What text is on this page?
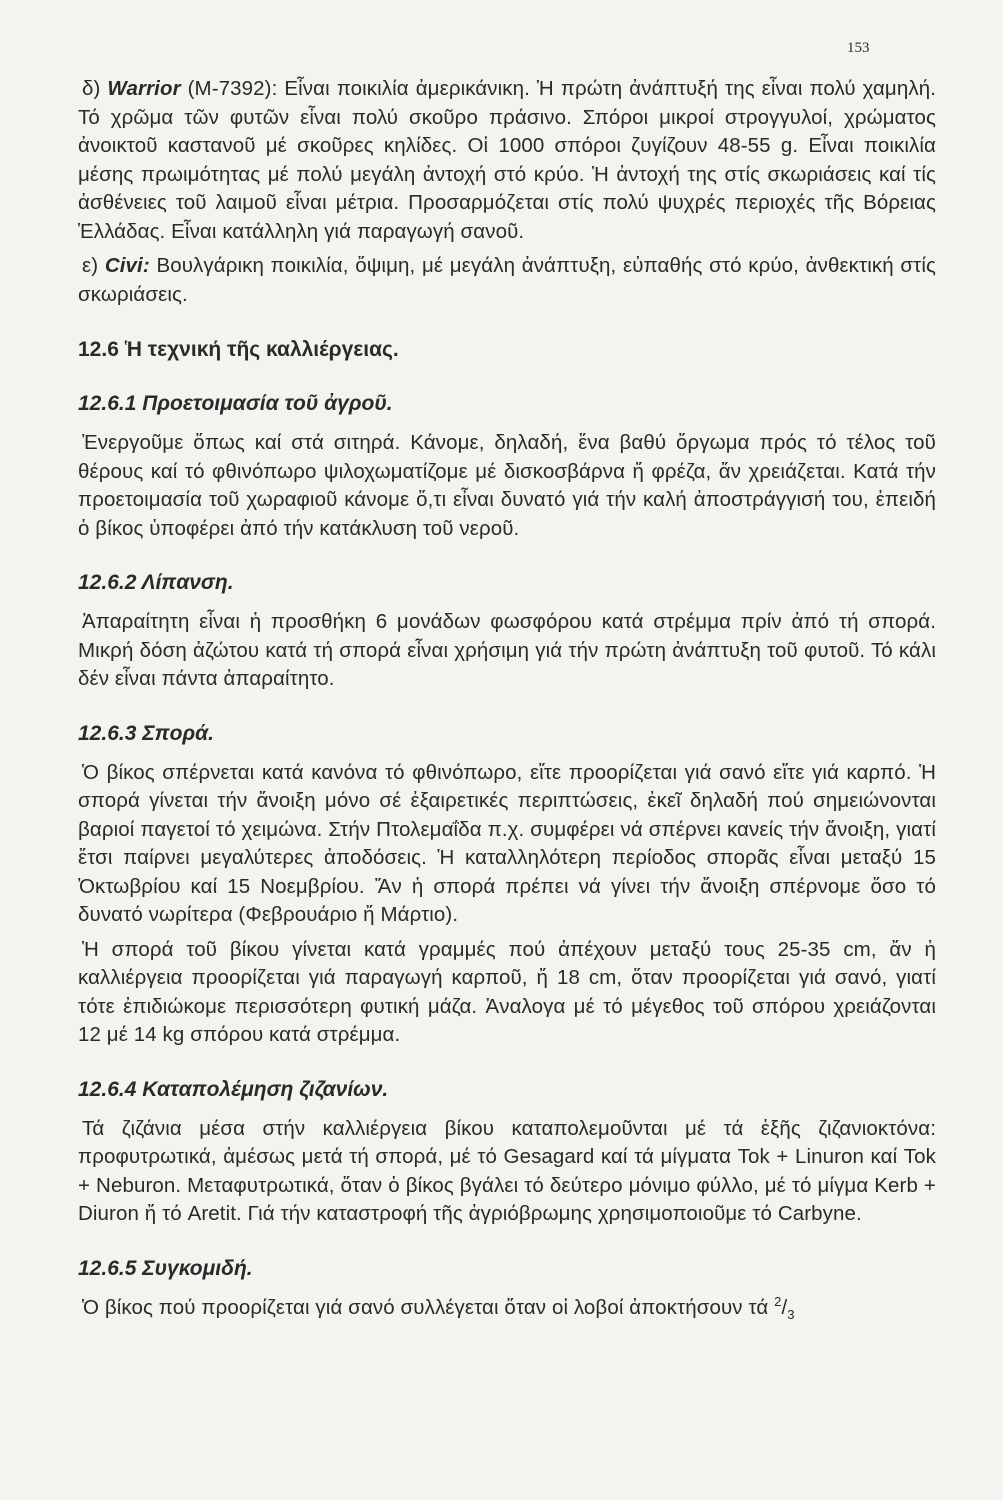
153

δ) Warrior (M-7392): Εἶναι ποικιλία ἀμερικάνικη. Ἡ πρώτη ἀνάπτυξή της εἶναι πολύ χαμηλή. Τό χρῶμα τῶν φυτῶν εἶναι πολύ σκοῦρο πράσινο. Σπόροι μικροί στρογγυλοί, χρώματος ἀνοικτοῦ καστανοῦ μέ σκοῦρες κηλίδες. Οἱ 1000 σπόροι ζυγίζουν 48-55 g. Εἶναι ποικιλία μέσης πρωιμότητας μέ πολύ μεγάλη ἀντοχή στό κρύο. Ἡ ἀντοχή της στίς σκωριάσεις καί τίς ἀσθένειες τοῦ λαιμοῦ εἶναι μέτρια. Προσαρμόζεται στίς πολύ ψυχρές περιοχές τῆς Βόρειας Ἑλλάδας. Εἶναι κατάλληλη γιά παραγωγή σανοῦ.

ε) Civi: Βουλγάρικη ποικιλία, ὄψιμη, μέ μεγάλη ἀνάπτυξη, εὐπαθής στό κρύο, ἀνθεκτική στίς σκωριάσεις.

12.6 Ἡ τεχνική τῆς καλλιέργειας.
12.6.1 Προετοιμασία τοῦ ἀγροῦ.

Ἐνεργοῦμε ὅπως καί στά σιτηρά. Κάνομε, δηλαδή, ἕνα βαθύ ὄργωμα πρός τό τέλος τοῦ θέρους καί τό φθινόπωρο ψιλοχωματίζομε μέ δισκοσβάρνα ἤ φρέζα, ἄν χρειάζεται. Κατά τήν προετοιμασία τοῦ χωραφιοῦ κάνομε ὅ,τι εἶναι δυνατό γιά τήν καλή ἀποστράγγισή του, ἐπειδή ὁ βίκος ὑποφέρει ἀπό τήν κατάκλυση τοῦ νεροῦ.

12.6.2 Λίπανση.

Ἀπαραίτητη εἶναι ἡ προσθήκη 6 μονάδων φωσφόρου κατά στρέμμα πρίν ἀπό τή σπορά. Μικρή δόση ἀζώτου κατά τή σπορά εἶναι χρήσιμη γιά τήν πρώτη ἀνάπτυξη τοῦ φυτοῦ. Τό κάλι δέν εἶναι πάντα ἀπαραίτητο.

12.6.3 Σπορά.

Ὁ βίκος σπέρνεται κατά κανόνα τό φθινόπωρο, εἴτε προορίζεται γιά σανό εἴτε γιά καρπό. Ἡ σπορά γίνεται τήν ἄνοιξη μόνο σέ ἐξαιρετικές περιπτώσεις, ἐκεῖ δηλαδή πού σημειώνονται βαριοί παγετοί τό χειμώνα. Στήν Πτολεμαΐδα π.χ. συμφέρει νά σπέρνει κανείς τήν ἄνοιξη, γιατί ἔτσι παίρνει μεγαλύτερες ἀποδόσεις. Ἡ καταλληλότερη περίοδος σπορᾶς εἶναι μεταξύ 15 Ὀκτωβρίου καί 15 Νοεμβρίου. Ἄν ἡ σπορά πρέπει νά γίνει τήν ἄνοιξη σπέρνομε ὅσο τό δυνατό νωρίτερα (Φεβρουάριο ἤ Μάρτιο).

Ἡ σπορά τοῦ βίκου γίνεται κατά γραμμές πού ἀπέχουν μεταξύ τους 25-35 cm, ἄν ἡ καλλιέργεια προορίζεται γιά παραγωγή καρποῦ, ἤ 18 cm, ὅταν προορίζεται γιά σανό, γιατί τότε ἐπιδιώκομε περισσότερη φυτική μάζα. Ἀναλογα μέ τό μέγεθος τοῦ σπόρου χρειάζονται 12 μέ 14 kg σπόρου κατά στρέμμα.

12.6.4 Καταπολέμηση ζιζανίων.

Τά ζιζάνια μέσα στήν καλλιέργεια βίκου καταπολεμοῦνται μέ τά ἑξῆς ζιζανιοκτόνα: προφυτρωτικά, ἀμέσως μετά τή σπορά, μέ τό Gesagard καί τά μίγματα Tok + Linuron καί Tok + Neburon. Μεταφυτρωτικά, ὅταν ὁ βίκος βγάλει τό δεύτερο μόνιμο φύλλο, μέ τό μίγμα Kerb + Diuron ἤ τό Aretit. Γιά τήν καταστροφή τῆς ἀγριόβρωμης χρησιμοποιοῦμε τό Carbyne.

12.6.5 Συγκομιδή.

Ὁ βίκος πού προορίζεται γιά σανό συλλέγεται ὅταν οἱ λοβοί ἀποκτήσουν τά $^2/_3$
